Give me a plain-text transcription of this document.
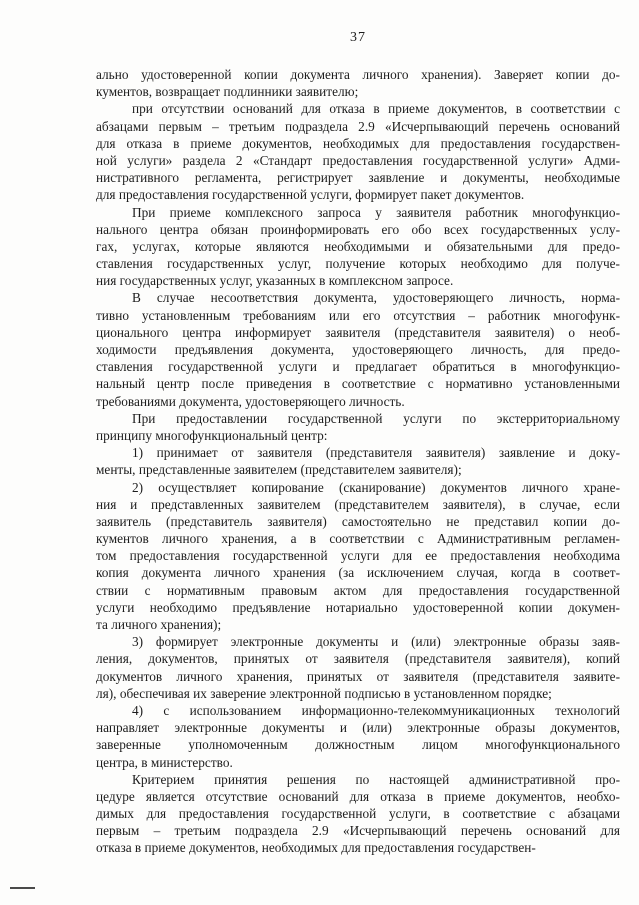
37
ально удостоверенной копии документа личного хранения). Заверяет копии до-
кументов, возвращает подлинники заявителю;
при отсутствии оснований для отказа в приеме документов, в соответствии с
абзацами первым – третьим подраздела 2.9 «Исчерпывающий перечень оснований
для отказа в приеме документов, необходимых для предоставления государствен-
ной услуги» раздела 2 «Стандарт предоставления государственной услуги» Адми-
нистративного регламента, регистрирует заявление и документы, необходимые
для предоставления государственной услуги, формирует пакет документов.
При приеме комплексного запроса у заявителя работник многофункцио-
нального центра обязан проинформировать его обо всех государственных услу-
гах, услугах, которые являются необходимыми и обязательными для предо-
ставления государственных услуг, получение которых необходимо для получе-
ния государственных услуг, указанных в комплексном запросе.
В случае несоответствия документа, удостоверяющего личность, норма-
тивно установленным требованиям или его отсутствия – работник многофунк-
ционального центра информирует заявителя (представителя заявителя) о необ-
ходимости предъявления документа, удостоверяющего личность, для предо-
ставления государственной услуги и предлагает обратиться в многофункцио-
нальный центр после приведения в соответствие с нормативно установленными
требованиями документа, удостоверяющего личность.
При предоставлении государственной услуги по экстерриториальному
принципу многофункциональный центр:
1) принимает от заявителя (представителя заявителя) заявление и доку-
менты, представленные заявителем (представителем заявителя);
2) осуществляет копирование (сканирование) документов личного хране-
ния и представленных заявителем (представителем заявителя), в случае, если
заявитель (представитель заявителя) самостоятельно не представил копии до-
кументов личного хранения, а в соответствии с Административным регламен-
том предоставления государственной услуги для ее предоставления необходима
копия документа личного хранения (за исключением случая, когда в соответ-
ствии с нормативным правовым актом для предоставления государственной
услуги необходимо предъявление нотариально удостоверенной копии докумен-
та личного хранения);
3) формирует электронные документы и (или) электронные образы заяв-
ления, документов, принятых от заявителя (представителя заявителя), копий
документов личного хранения, принятых от заявителя (представителя заявите-
ля), обеспечивая их заверение электронной подписью в установленном порядке;
4) с использованием информационно-телекоммуникационных технологий
направляет электронные документы и (или) электронные образы документов,
заверенные уполномоченным должностным лицом многофункционального
центра, в министерство.
Критерием принятия решения по настоящей административной про-
цедуре является отсутствие оснований для отказа в приеме документов, необхо-
димых для предоставления государственной услуги, в соответствие с абзацами
первым – третьим подраздела 2.9 «Исчерпывающий перечень оснований для
отказа в приеме документов, необходимых для предоставления государствен-
